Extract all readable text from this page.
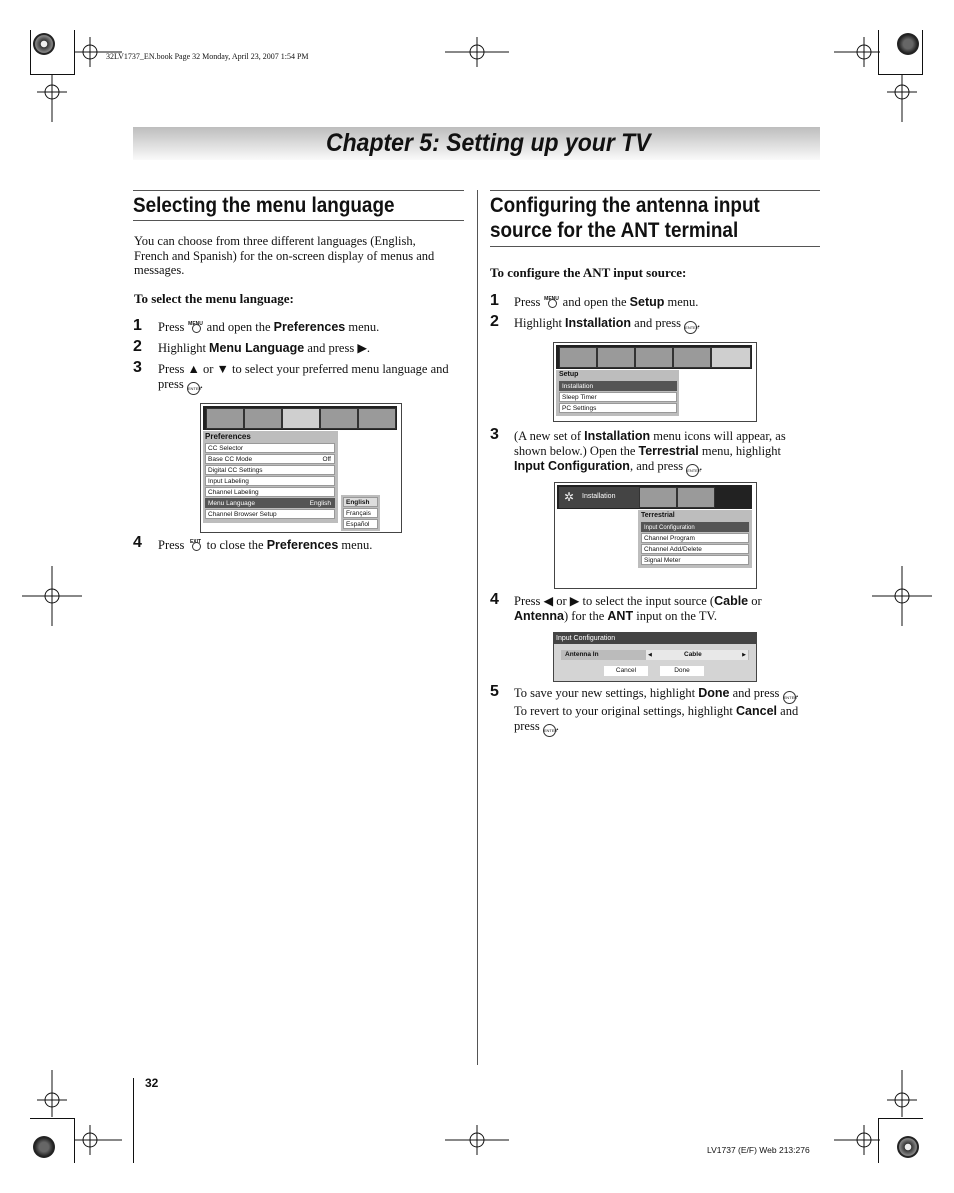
32LV1737_EN.book Page 32 Monday, April 23, 2007 1:54 PM
Chapter 5: Setting up your TV
Selecting the menu language
You can choose from three different languages (English,
French and Spanish) for the on-screen display of menus and
messages.
To select the menu language:
1 Press MENU and open the Preferences menu.
2 Highlight Menu Language and press ▶.
3 Press ▲ or ▼ to select your preferred menu language and
press ENTER.
Preferences
CC Selector
Base CC Mode	Off
Digital CC Settings
Input Labeling
Channel Labeling
Menu Language	English
Channel Browser Setup
English
Français
Español
4 Press	EXIT to close the Preferences menu.
Configuring the antenna input
source for the ANT terminal
To configure the ANT input source:
1 Press MENU and open the Setup menu.
2 Highlight Installation and press ENTER.
Setup
Installation
Sleep Timer
PC Settings
3 (A new set of Installation menu icons will appear, as
shown below.) Open the Terrestrial menu, highlight
Input Configuration, and press ENTER.
✲ Installation
Terrestrial
Input Configuration
Channel Program
Channel Add/Delete
Signal Meter
4 Press ◀ or ▶ to select the input source (Cable or
Antenna) for the ANT input on the TV.
Input Configuration
Antenna In	◀	Cable	▶
Cancel	Done
5 To save your new settings, highlight Done and press ENTER.
To revert to your original settings, highlight Cancel and
press ENTER.
32
LV1737 (E/F) Web 213:276
